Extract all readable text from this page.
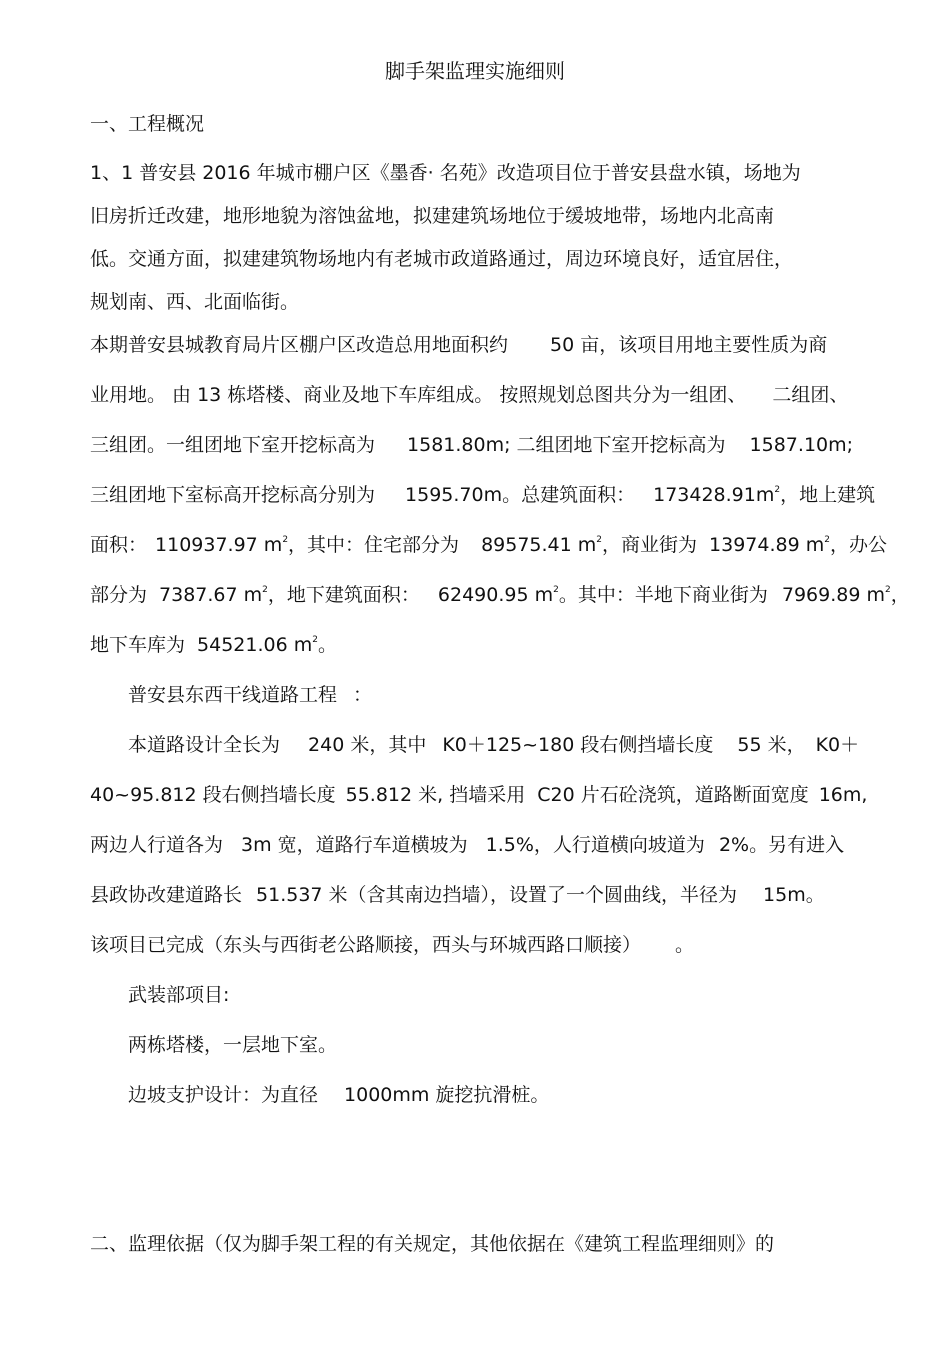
脚手架监理实施细则
一、工程概况
1、1 普安县 2016 年城市棚户区《墨香· 名苑》改造项目位于普安县盘水镇，场地为
旧房折迁改建，地形地貌为溶蚀盆地，拟建建筑场地位于缓坡地带，场地内北高南
低。交通方面，拟建建筑物场地内有老城市政道路通过，周边环境良好，适宜居住，
规划南、西、北面临街。
本期普安县城教育局片区棚户区改造总用地面积约 50 亩，该项目用地主要性质为商
业用地。 由 13 栋塔楼、商业及地下车库组成。 按照规划总图共分为一组团、 二组团、
三组团。一组团地下室开挖标高为 1581.80m; 二组团地下室开挖标高为 1587.10m;
三组团地下室标高开挖标高分别为 1595.70m。总建筑面积： $173428.91m^2$，地上建筑
面积： 110937.97 $m^2$，其中：住宅部分为 89575.41 $m^2$，商业街为 13974.89 $m^2$，办公
部分为 7387.67 $m^2$，地下建筑面积： 62490.95 $m^2$。其中：半地下商业街为 7969.89 $m^2$，
地下车库为 54521.06 $m^2$。
普安县东西干线道路工程 ：
本道路设计全长为 240 米，其中 K0＋125~180 段右侧挡墙长度 55 米， K0＋
40~95.812 段右侧挡墙长度 55.812 米, 挡墙采用 C20 片石砼浇筑，道路断面宽度 16m,
两边人行道各为 3m 宽，道路行车道横坡为 1.5%，人行道横向坡道为 2%。另有进入
县政协改建道路长 51.537 米（含其南边挡墙），设置了一个圆曲线，半径为 15m。
该项目已完成（东头与西街老公路顺接，西头与环城西路口顺接） 。
武装部项目:
两栋塔楼，一层地下室。
边坡支护设计：为直径 1000mm 旋挖抗滑桩。
二、监理依据（仅为脚手架工程的有关规定，其他依据在《建筑工程监理细则》的
